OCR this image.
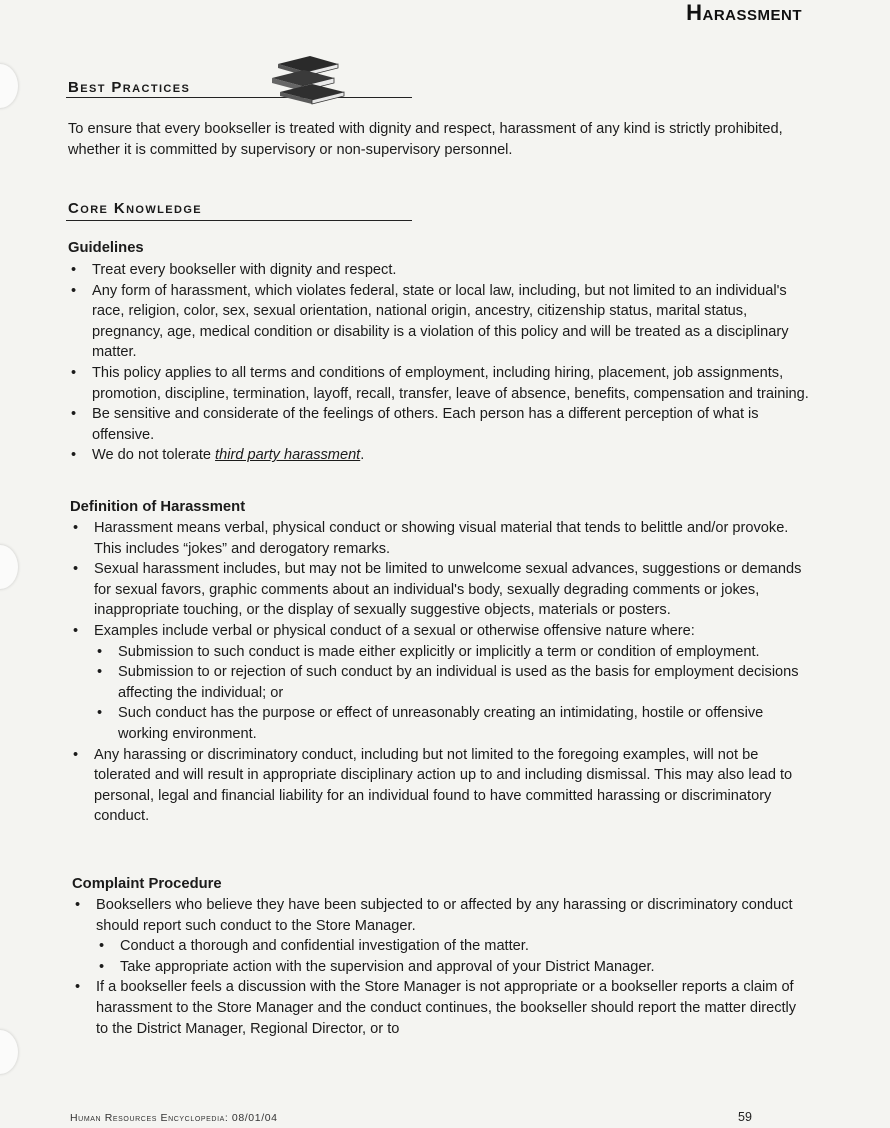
Harassment
Best Practices
To ensure that every bookseller is treated with dignity and respect, harassment of any kind is strictly prohibited, whether it is committed by supervisory or non-supervisory personnel.
Core Knowledge
Guidelines
• Treat every bookseller with dignity and respect.
• Any form of harassment, which violates federal, state or local law, including, but not limited to an individual's race, religion, color, sex, sexual orientation, national origin, ancestry, citizenship status, marital status, pregnancy, age, medical condition or disability is a violation of this policy and will be treated as a disciplinary matter.
• This policy applies to all terms and conditions of employment, including hiring, placement, job assignments, promotion, discipline, termination, layoff, recall, transfer, leave of absence, benefits, compensation and training.
• Be sensitive and considerate of the feelings of others. Each person has a different perception of what is offensive.
• We do not tolerate third party harassment.
Definition of Harassment
• Harassment means verbal, physical conduct or showing visual material that tends to belittle and/or provoke. This includes “jokes” and derogatory remarks.
• Sexual harassment includes, but may not be limited to unwelcome sexual advances, suggestions or demands for sexual favors, graphic comments about an individual's body, sexually degrading comments or jokes, inappropriate touching, or the display of sexually suggestive objects, materials or posters.
• Examples include verbal or physical conduct of a sexual or otherwise offensive nature where:
• Submission to such conduct is made either explicitly or implicitly a term or condition of employment.
• Submission to or rejection of such conduct by an individual is used as the basis for employment decisions affecting the individual; or
• Such conduct has the purpose or effect of unreasonably creating an intimidating, hostile or offensive working environment.
• Any harassing or discriminatory conduct, including but not limited to the foregoing examples, will not be tolerated and will result in appropriate disciplinary action up to and including dismissal. This may also lead to personal, legal and financial liability for an individual found to have committed harassing or discriminatory conduct.
Complaint Procedure
• Booksellers who believe they have been subjected to or affected by any harassing or discriminatory conduct should report such conduct to the Store Manager.
• Conduct a thorough and confidential investigation of the matter.
• Take appropriate action with the supervision and approval of your District Manager.
• If a bookseller feels a discussion with the Store Manager is not appropriate or a bookseller reports a claim of harassment to the Store Manager and the conduct continues, the bookseller should report the matter directly to the District Manager, Regional Director, or to
Human Resources Encyclopedia: 08/01/04	59
